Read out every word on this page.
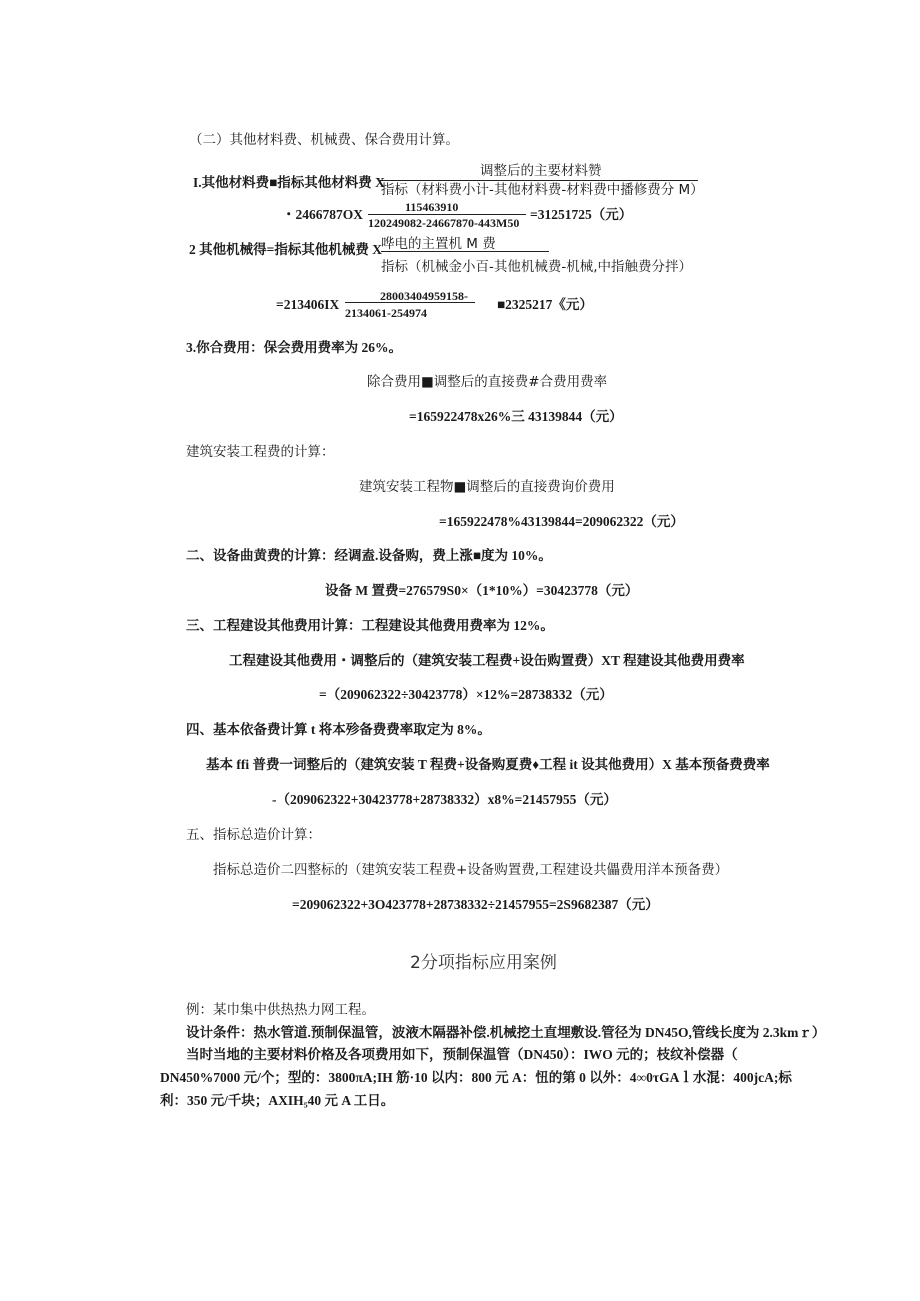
（二）其他材料费、机械费、保合费用计算。
I.其他材料费■指标其他材料费 X
调整后的主要材料赞
指标（材料费小计-其他材料费-材料费中播修费分 M）
・2466787OX	115463910
120249082-24667870-443M50
=31251725（元）
2 其他机械得=指标其他机械费 X 哗电的主置机 M 费
指标（机械金小百-其他机械费-机械,中指触费分拌）
=213406IX
28003404959158-
2134061-254974
■2325217《元）
3.你合费用：保会费用费率为 26%。
除合费用■调整后的直接费#合费用费率
=165922478x26%三 43139844（元）
建筑安装工程费的计算：
建筑安装工程物■调整后的直接费询价费用
=165922478%43139844=209062322（元）
二、设备曲黄费的计算：经调盍.设备购，费上涨■度为 10%。
设备 M 置费=276579S0×（1*10%）=30423778（元）
三、工程建设其他费用计算：工程建设其他费用费率为 12%。
工程建设其他费用・调整后的（建筑安装工程费+设缶购置费）XT 程建设其他费用费率
=（209062322÷30423778）×12%=28738332（元）
四、基本依备费计算 t 将本殄备费费率取定为 8%。
基本 ffi 普费一词整后的（建筑安装 T 程费+设备购夏费♦工程 it 设其他费用）X 基本预备费费率
-（209062322+30423778+28738332）x8%=21457955（元）
五、指标总造价计算：
指标总造价二四整标的（建筑安装工程费+设备购置费,工程建设共儡费用洋本预备费）
=209062322+3O423778+28738332÷21457955=2S9682387（元）
2分项指标应用案例
例：某巾集中供热热力网工程。
设计条件：热水管道.预制保温管，波液木隔器补偿.机械挖土直埋敷设.管径为 DN45O,管线长度为 2.3kmｒ）
当时当地的主要材料价格及各项费用如下，预制保温管（DN450）：IWO 元的；枝纹补偿器（
DN450%7000 元/个；型的：3800πA;IH 筋·10 以内：800 元 A：忸的第 0 以外：4∞0τGAｌ水混：400jcA;标
利：350 元/千块；AXIH₅40 元 A 工日。
